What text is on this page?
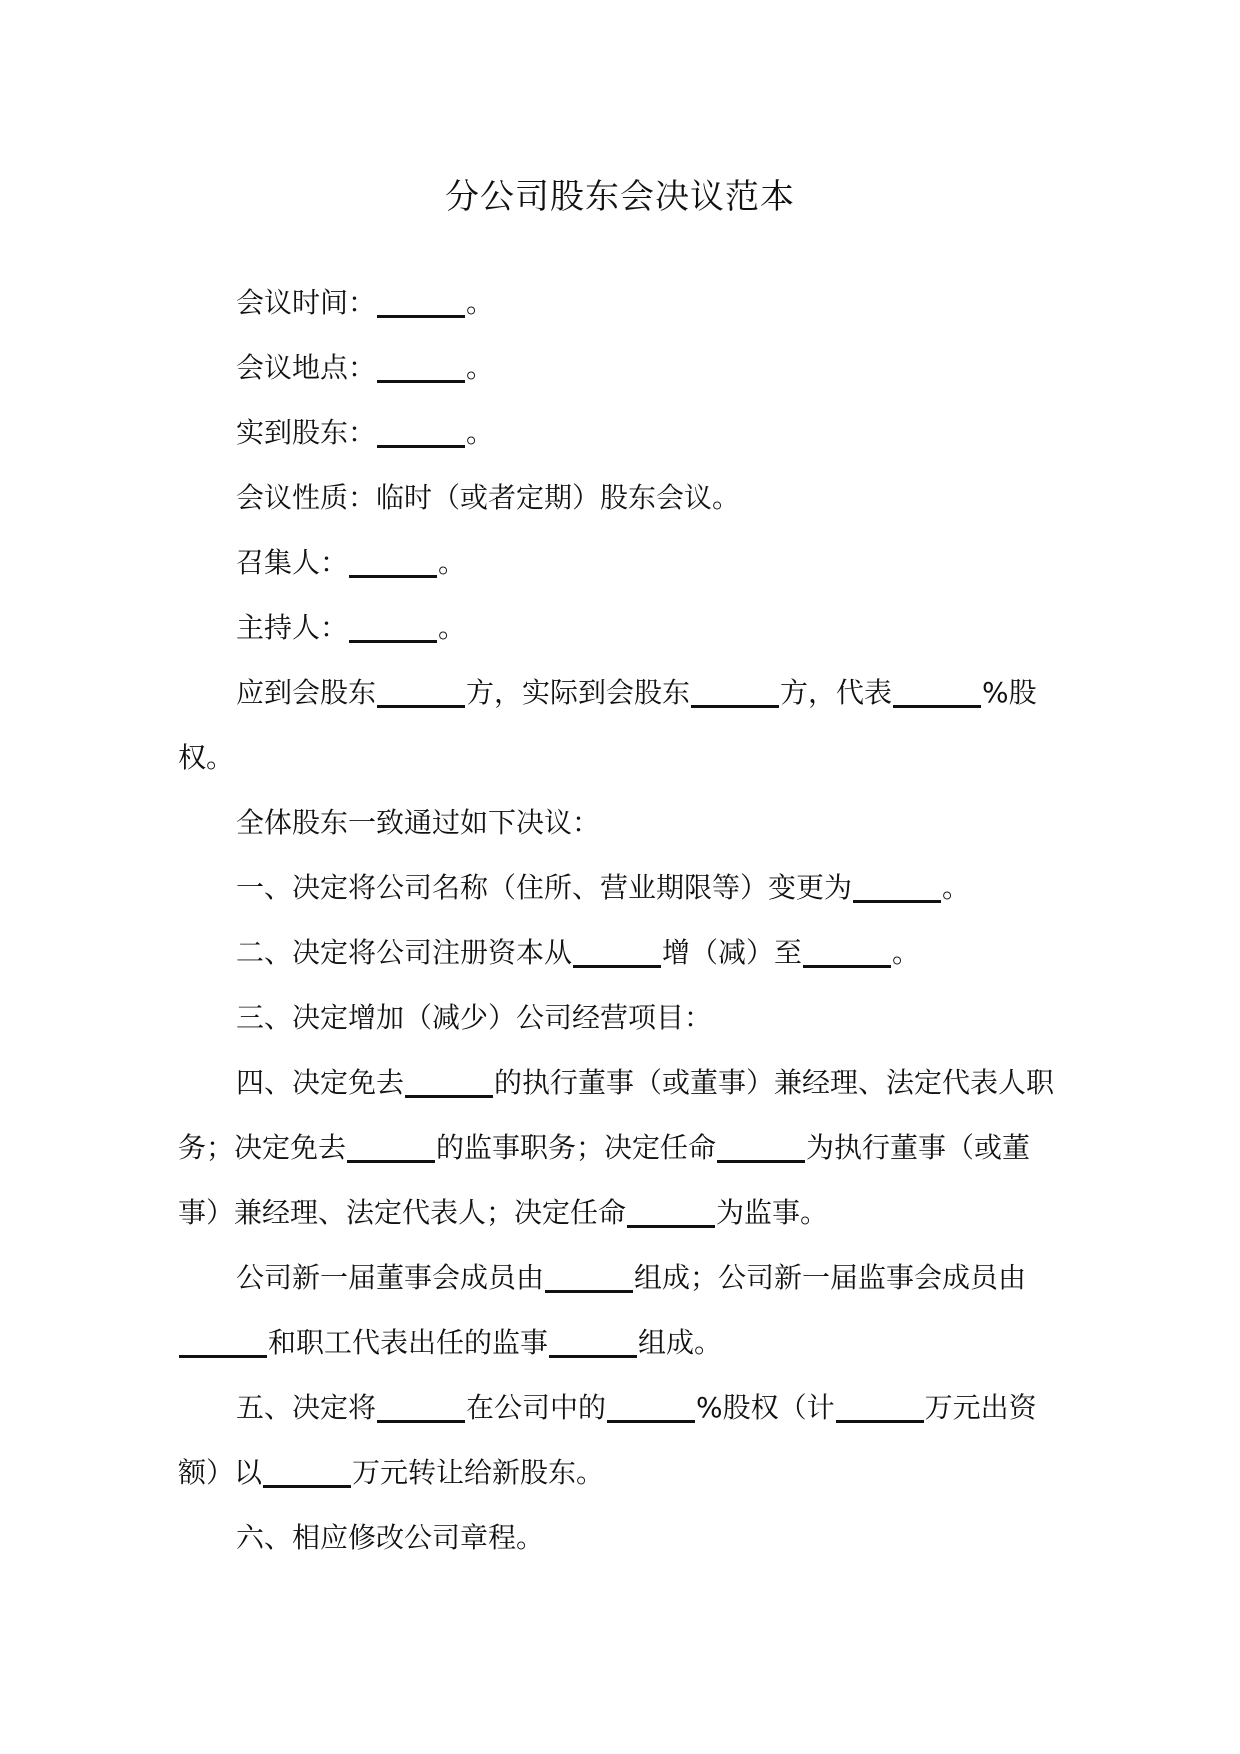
分公司股东会决议范本

会议时间：	。

会议地点：	。

实到股东：	。

会议性质：临时（或者定期）股东会议。

召集人：	。

主持人：	。

应到会股东	方，实际到会股东	方，代表	%股权。

全体股东一致通过如下决议：

一、决定将公司名称（住所、营业期限等）变更为	。

二、决定将公司注册资本从	增（减）至	。

三、决定增加（减少）公司经营项目：

四、决定免去	的执行董事（或董事）兼经理、法定代表人职务；决定免去	的监事职务；决定任命	为执行董事（或董事）兼经理、法定代表人；决定任命	为监事。

公司新一届董事会成员由	组成；公司新一届监事会成员由和职工代表出任的监事	组成。

五、决定将	在公司中的	%股权（计	万元出资额）以	万元转让给新股东。

六、相应修改公司章程。
